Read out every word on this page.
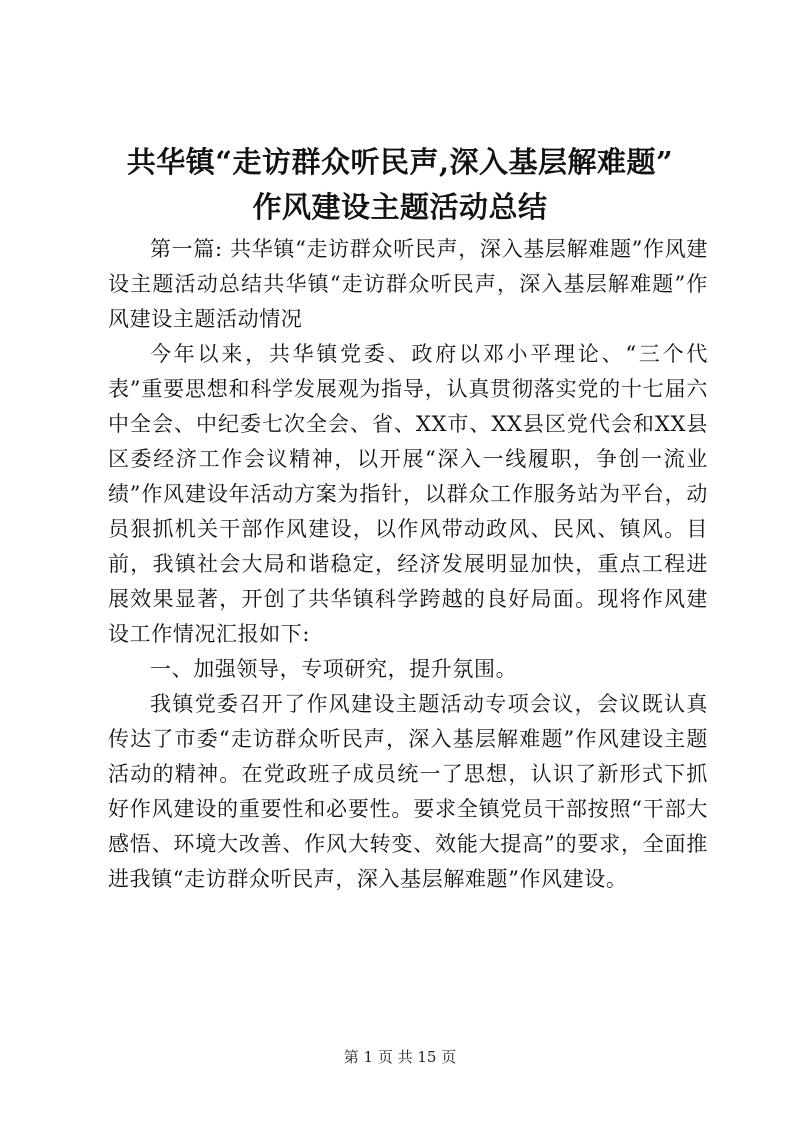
共华镇“走访群众听民声,深入基层解难题”
作风建设主题活动总结

第一篇: 共华镇“走访群众听民声，深入基层解难题”作风建设主题活动总结共华镇“走访群众听民声，深入基层解难题”作风建设主题活动情况

今年以来，共华镇党委、政府以邓小平理论、“三个代表”重要思想和科学发展观为指导，认真贯彻落实党的十七届六中全会、中纪委七次全会、省、XX市、XX县区党代会和XX县区委经济工作会议精神，以开展“深入一线履职，争创一流业绩”作风建设年活动方案为指针，以群众工作服务站为平台，动员狠抓机关干部作风建设，以作风带动政风、民风、镇风。目前，我镇社会大局和谐稳定，经济发展明显加快，重点工程进展效果显著，开创了共华镇科学跨越的良好局面。现将作风建设工作情况汇报如下:

一、加强领导，专项研究，提升氛围。

我镇党委召开了作风建设主题活动专项会议，会议既认真传达了市委“走访群众听民声，深入基层解难题”作风建设主题活动的精神。在党政班子成员统一了思想，认识了新形式下抓好作风建设的重要性和必要性。要求全镇党员干部按照“干部大感悟、环境大改善、作风大转变、效能大提高”的要求，全面推进我镇“走访群众听民声，深入基层解难题”作风建设。

第 1 页 共 15 页
